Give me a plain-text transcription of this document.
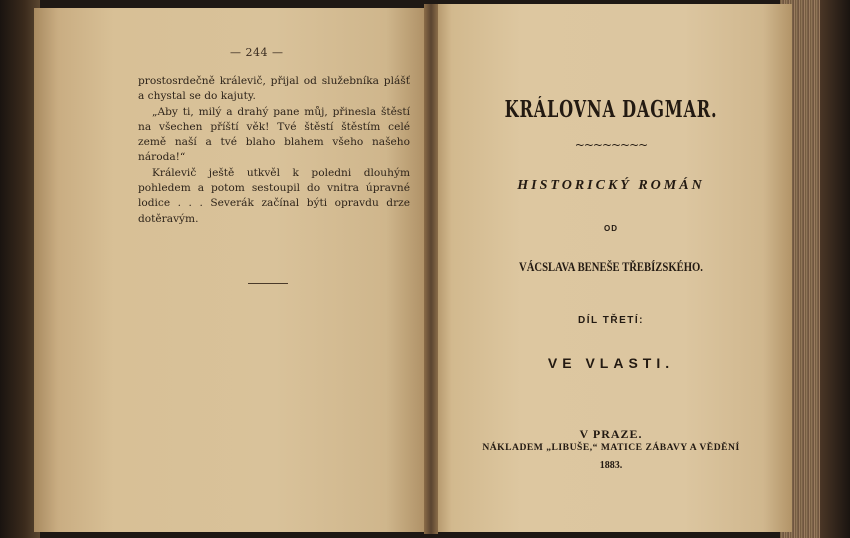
— 244 —

prostosrdečně králevič, přijal od služebníka plášť a chystal se do kajuty.

„Aby ti, milý a drahý pane můj, přinesla štěstí na všechen příští věk! Tvé štěstí štěstím celé země naší a tvé blaho blahem všeho našeho národa!“

Králevič ještě utkvěl k poledni dlouhým pohledem a potom sestoupil do vnitra úpravné lodice . . . Severák začínal býti opravdu drze dotěravým.

KRÁLOVNA DAGMAR.
~~~~~~~~
HISTORICKÝ ROMÁN
OD
VÁCSLAVA BENEŠE TŘEBÍZSKÉHO.
DÍL TŘETÍ:
VE VLASTI.
V PRAZE.
NÁKLADEM „LIBUŠE,“ MATICE ZÁBAVY A VĚDĚNÍ
1883.
